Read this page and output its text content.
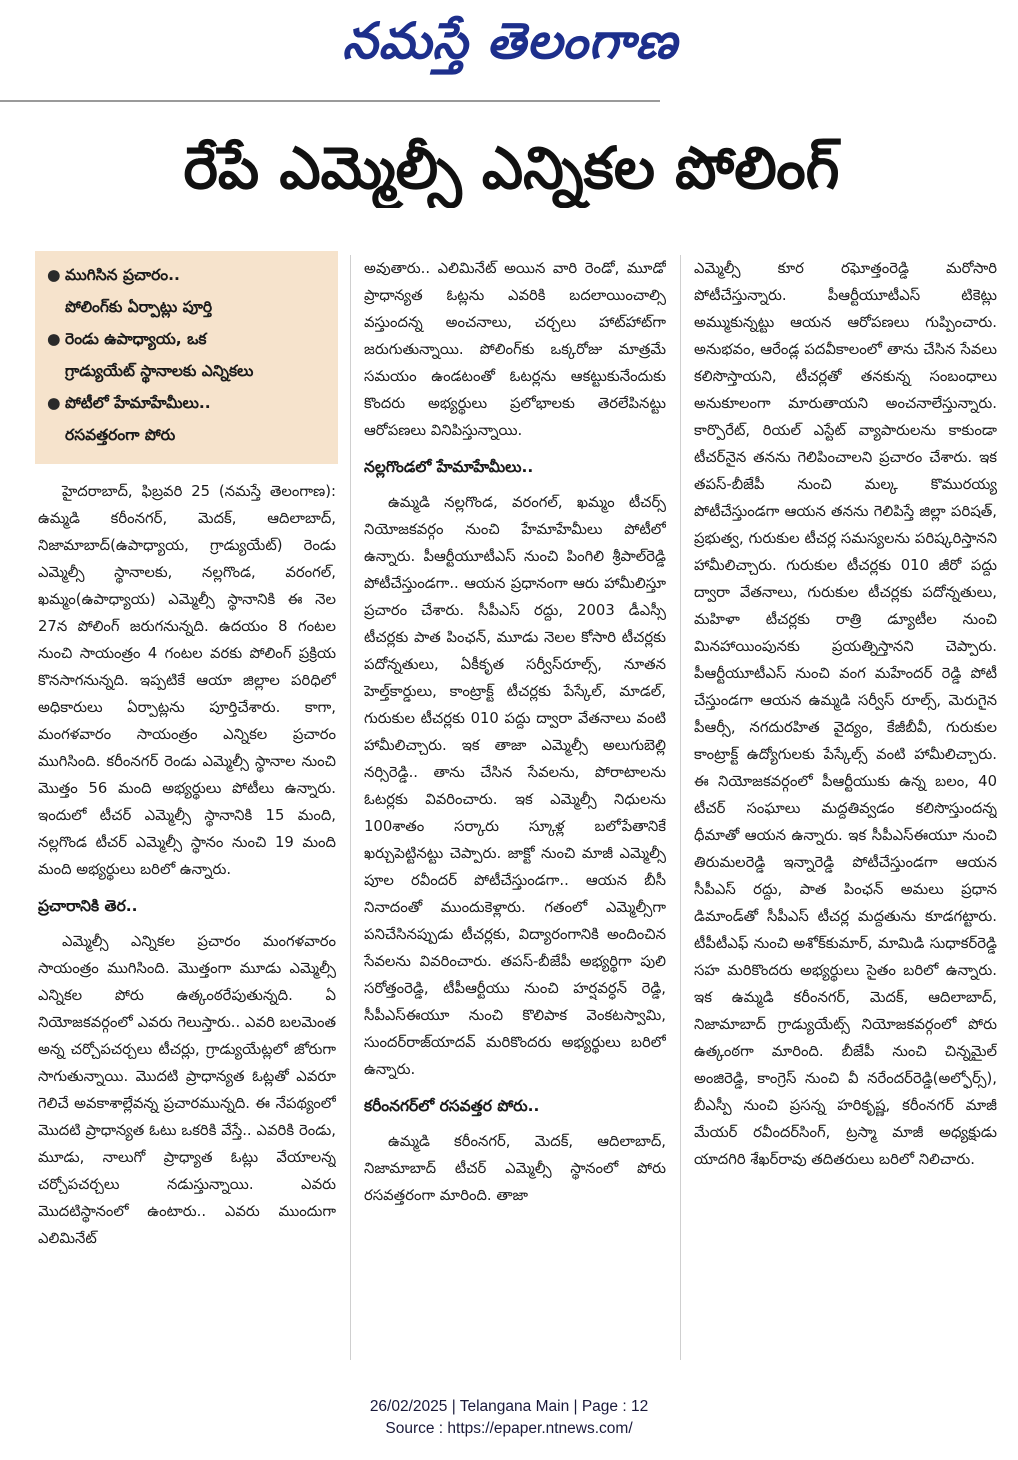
నమస్తే తెలంగాణ
రేపే ఎమ్మెల్సీ ఎన్నికల పోలింగ్
● ముగిసిన ప్రచారం..
పోలింగ్‌కు ఏర్పాట్లు పూర్తి
● రెండు ఉపాధ్యాయ, ఒక
గ్రాడ్యుయేట్ స్థానాలకు ఎన్నికలు
● పోటీలో హేమాహేమీలు..
రసవత్తరంగా పోరు

హైదరాబాద్, ఫిబ్రవరి 25 (నమస్తే తెలంగాణ): ఉమ్మడి కరీంనగర్, మెదక్, ఆదిలాబాద్, నిజామాబాద్(ఉపాధ్యాయ, గ్రాడ్యుయేట్) రెండు ఎమ్మెల్సీ స్థానాలకు, నల్లగొండ, వరంగల్, ఖమ్మం(ఉపాధ్యాయ) ఎమ్మెల్సీ స్థానానికి ఈ నెల 27న పోలింగ్ జరుగనున్నది. ఉదయం 8 గంటల నుంచి సాయంత్రం 4 గంటల వరకు పోలింగ్ ప్రక్రియ కొనసాగనున్నది. ఇప్పటికే ఆయా జిల్లాల పరిధిలో అధికారులు ఏర్పాట్లను పూర్తిచేశారు. కాగా, మంగళవారం సాయంత్రం ఎన్నికల ప్రచారం ముగిసింది. కరీంనగర్ రెండు ఎమ్మెల్సీ స్థానాల నుంచి మొత్తం 56 మంది అభ్యర్థులు పోటీలు ఉన్నారు. ఇందులో టీచర్ ఎమ్మెల్సీ స్థానానికి 15 మంది, నల్లగొండ టీచర్ ఎమ్మెల్సీ స్థానం నుంచి 19 మంది మంది అభ్యర్థులు బరిలో ఉన్నారు.

ప్రచారానికి తెర..

ఎమ్మెల్సీ ఎన్నికల ప్రచారం మంగళవారం సాయంత్రం ముగిసింది. మొత్తంగా మూడు ఎమ్మెల్సీ ఎన్నికల పోరు ఉత్కంఠరేపుతున్నది. ఏ నియోజకవర్గంలో ఎవరు గెలుస్తారు.. ఎవరి బలమెంత అన్న చర్చోపచర్చలు టీచర్లు, గ్రాడ్యుయేట్లలో జోరుగా సాగుతున్నాయి. మొదటి ప్రాధాన్యత ఓట్లతో ఎవరూ గెలిచే అవకాశాల్లేవన్న ప్రచారమున్నది. ఈ నేపథ్యంలో మొదటి ప్రాధాన్యత ఓటు ఒకరికి వేస్తే.. ఎవరికి రెండు, మూడు, నాలుగో ప్రాధ్యాత ఓట్లు వేయాలన్న చర్చోపచర్చలు నడుస్తున్నాయి. ఎవరు మొదటిస్థానంలో ఉంటారు.. ఎవరు ముందుగా ఎలిమినేట్

అవుతారు.. ఎలిమినేట్ అయిన వారి రెండో, మూడో ప్రాధాన్యత ఓట్లను ఎవరికి బదలాయించాల్సి వస్తుందన్న అంచనాలు, చర్చలు హాట్‌హాట్‌గా జరుగుతున్నాయి. పోలింగ్‌కు ఒక్కరోజు మాత్రమే సమయం ఉండటంతో ఓటర్లను ఆకట్టుకునేందుకు కొందరు అభ్యర్థులు ప్రలోభాలకు తెరలేపినట్టు ఆరోపణలు వినిపిస్తున్నాయి.

నల్లగొండలో హేమాహేమీలు..

ఉమ్మడి నల్లగొండ, వరంగల్, ఖమ్మం టీచర్స్ నియోజకవర్గం నుంచి హేమాహేమీలు పోటీలో ఉన్నారు. పీఆర్టీయూటీఎస్ నుంచి పింగిలి శ్రీపాల్‌రెడ్డి పోటీచేస్తుండగా.. ఆయన ప్రధానంగా ఆరు హామీలిస్తూ ప్రచారం చేశారు. సీపీఎస్ రద్దు, 2003 డీఎస్సీ టీచర్లకు పాత పింఛన్, మూడు నెలల కోసారి టీచర్లకు పదోన్నతులు, ఏకీకృత సర్వీస్‌రూల్స్, నూతన హెల్త్‌కార్డులు, కాంట్రాక్ట్ టీచర్లకు పేస్కేల్, మాడల్, గురుకుల టీచర్లకు 010 పద్దు ద్వారా వేతనాలు వంటి హామీలిచ్చారు. ఇక తాజా ఎమ్మెల్సీ అలుగుబెల్లి నర్సిరెడ్డి.. తాను చేసిన సేవలను, పోరాటాలను ఓటర్లకు వివరించారు. ఇక ఎమ్మెల్సీ నిధులను 100శాతం సర్కారు స్కూళ్ల బలోపేతానికే ఖర్చుపెట్టినట్టు చెప్పారు. జాక్టో నుంచి మాజీ ఎమ్మెల్సీ పూల రవీందర్ పోటీచేస్తుండగా.. ఆయన బీసీ నినాదంతో ముందుకెళ్లారు. గతంలో ఎమ్మెల్సీగా పనిచేసినప్పుడు టీచర్లకు, విద్యారంగానికి అందించిన సేవలను వివరించారు. తపస్-బీజేపీ అభ్యర్థిగా పులి సరోత్తంరెడ్డి, టీపీఆర్టీయు నుంచి హర్షవర్ధన్ రెడ్డి, సీపీఎస్‌ఈయూ నుంచి కొలిపాక వెంకటస్వామి, సుందర్‌రాజ్‌యాదవ్ మరికొందరు అభ్యర్థులు బరిలో ఉన్నారు.

కరీంనగర్‌లో రసవత్తర పోరు..

ఉమ్మడి కరీంనగర్, మెదక్, ఆదిలాబాద్, నిజామాబాద్ టీచర్ ఎమ్మెల్సీ స్థానంలో పోరు రసవత్తరంగా మారింది. తాజా

ఎమ్మెల్సీ కూర రఘోత్తంరెడ్డి మరోసారి పోటీచేస్తున్నారు. పీఆర్టీయూటీఎస్ టికెట్లు అమ్ముకున్నట్టు ఆయన ఆరోపణలు గుప్పించారు. అనుభవం, ఆరేండ్ల పదవీకాలంలో తాను చేసిన సేవలు కలిసొస్తాయని, టీచర్లతో తనకున్న సంబంధాలు అనుకూలంగా మారుతాయని అంచనాలేస్తున్నారు. కార్పొరేట్, రియల్ ఎస్టేట్ వ్యాపారులను కాకుండా టీచర్‌నైన తనను గెలిపించాలని ప్రచారం చేశారు. ఇక తపస్-బీజేపీ నుంచి మల్క కొమురయ్య పోటీచేస్తుండగా ఆయన తనను గెలిపిస్తే జిల్లా పరిషత్, ప్రభుత్వ, గురుకుల టీచర్ల సమస్యలను పరిష్కరిస్తానని హామీలిచ్చారు. గురుకుల టీచర్లకు 010 జీరో పద్దు ద్వారా వేతనాలు, గురుకుల టీచర్లకు పదోన్నతులు, మహిళా టీచర్లకు రాత్రి డ్యూటీల నుంచి మినహాయింపునకు ప్రయత్నిస్తానని చెప్పారు. పీఆర్టీయూటీఎస్ నుంచి వంగ మహేందర్ రెడ్డి పోటీ చేస్తుండగా ఆయన ఉమ్మడి సర్వీస్ రూల్స్, మెరుగైన పీఆర్సీ, నగదురహిత వైద్యం, కేజీబీవీ, గురుకుల కాంట్రాక్ట్ ఉద్యోగులకు పేస్కేల్స్ వంటి హామీలిచ్చారు. ఈ నియోజకవర్గంలో పీఆర్టీయుకు ఉన్న బలం, 40 టీచర్ సంఘాలు మద్దతివ్వడం కలిసొస్తుందన్న ధీమాతో ఆయన ఉన్నారు. ఇక సీపీఎస్‌ఈయూ నుంచి తిరుమలరెడ్డి ఇన్నారెడ్డి పోటీచేస్తుండగా ఆయన సీపీఎస్ రద్దు, పాత పింఛన్ అమలు ప్రధాన డిమాండ్‌తో సీపీఎస్ టీచర్ల మద్దతును కూడగట్టారు. టీపీటీఎఫ్ నుంచి అశోక్‌కుమార్, మామిడి సుధాకర్‌రెడ్డి సహ మరికొందరు అభ్యర్థులు సైతం బరిలో ఉన్నారు. ఇక ఉమ్మడి కరీంనగర్, మెదక్, ఆదిలాబాద్, నిజామాబాద్ గ్రాడ్యుయేట్స్ నియోజకవర్గంలో పోరు ఉత్కంఠగా మారింది. బీజేపీ నుంచి చిన్నమైల్ అంజిరెడ్డి, కాంగ్రెస్ నుంచి వీ నరేందర్‌రెడ్డి(అల్ఫోర్స్), బీఎస్పీ నుంచి ప్రసన్న హరికృష్ణ, కరీంనగర్ మాజీ మేయర్ రవీందర్‌సింగ్, ట్రస్మా మాజీ అధ్యక్షుడు యాదగిరి శేఖర్‌రావు తదితరులు బరిలో నిలిచారు.

26/02/2025 | Telangana Main | Page : 12
Source : https://epaper.ntnews.com/
